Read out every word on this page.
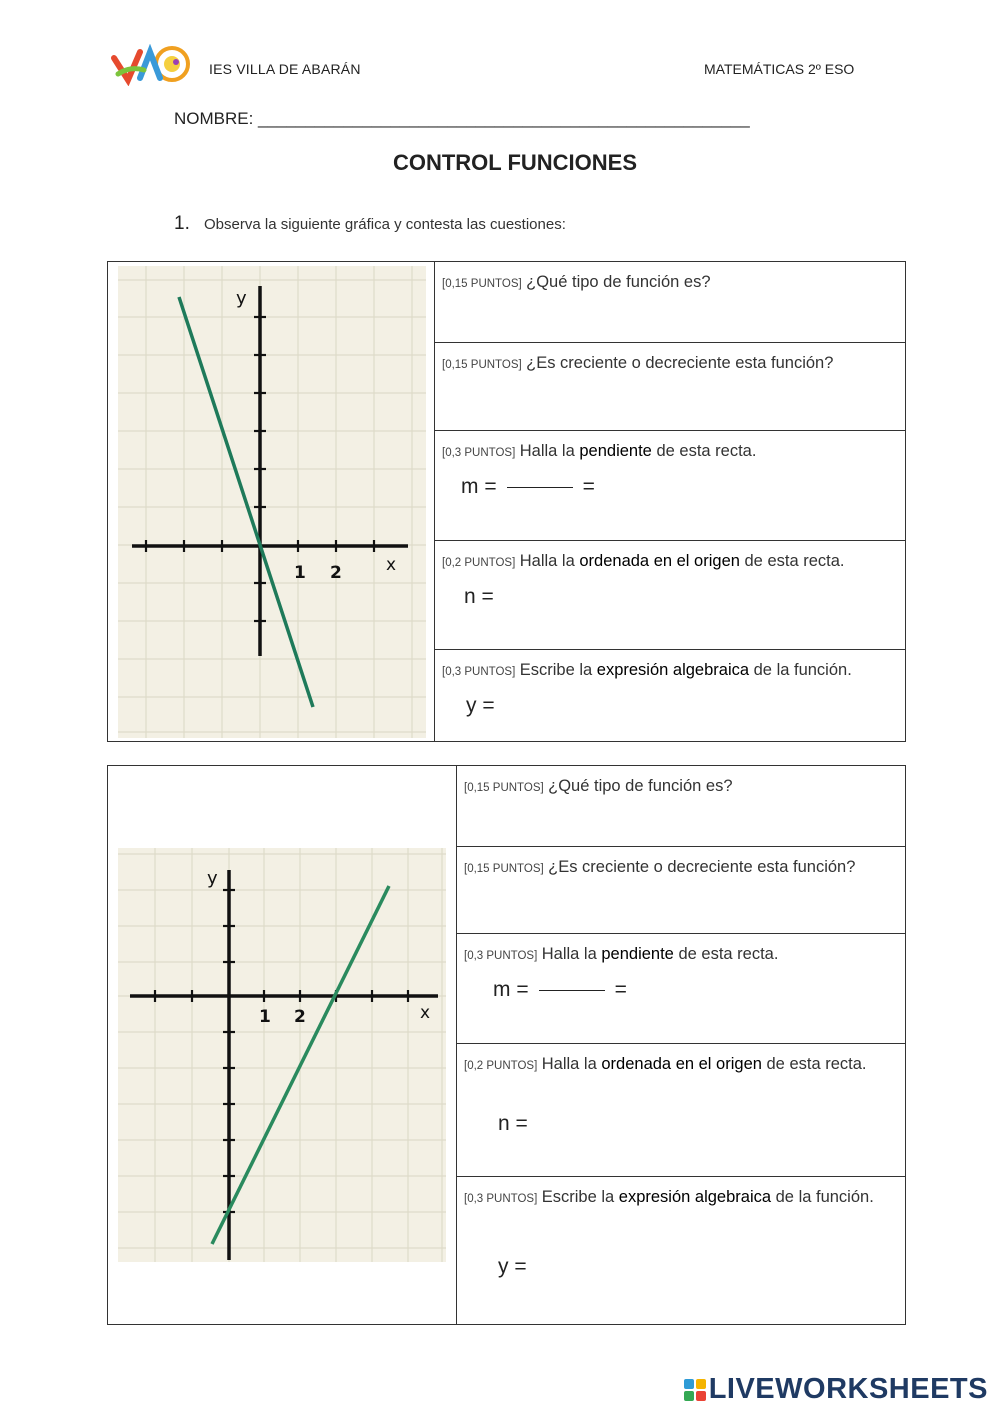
IES VILLA DE ABARÁN	MATEMÁTICAS 2º ESO
NOMBRE: ____________________________________________________
CONTROL FUNCIONES
1. Observa la siguiente gráfica y contesta las cuestiones:
y
x
1 2
[0,15 PUNTOS] ¿Qué tipo de función es?
[0,15 PUNTOS] ¿Es creciente o decreciente esta función?
[0,3 PUNTOS] Halla la pendiente de esta recta.
m =	=
[0,2 PUNTOS] Halla la ordenada en el origen de esta recta.
n =
[0,3 PUNTOS] Escribe la expresión algebraica de la función.
y =
y
x
1 2
[0,15 PUNTOS] ¿Qué tipo de función es?
[0,15 PUNTOS] ¿Es creciente o decreciente esta función?
[0,3 PUNTOS] Halla la pendiente de esta recta.
m =	=
[0,2 PUNTOS] Halla la ordenada en el origen de esta recta.
n =
[0,3 PUNTOS] Escribe la expresión algebraica de la función.
y =
LIVEWORKSHEETS
